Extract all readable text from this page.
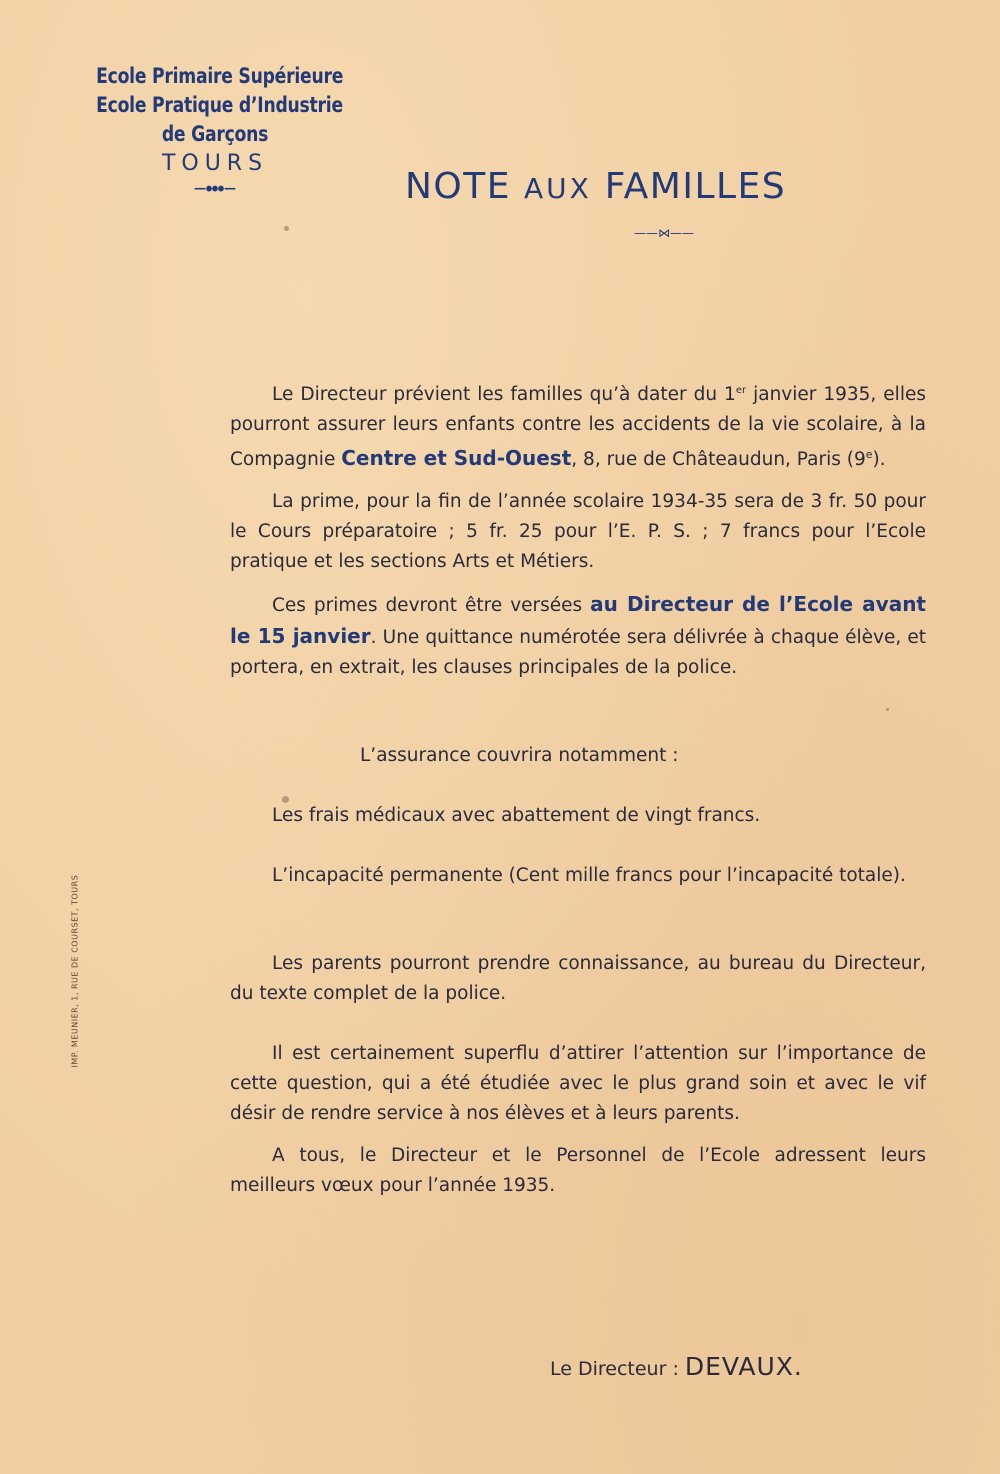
Ecole Primaire Supérieure
Ecole Pratique d’Industrie
de Garçons
TOURS
—⦁⦁⦁—	NOTE AUX FAMILLES
——⋈——

Le Directeur prévient les familles qu’à dater du 1er janvier 1935, elles pourront assurer leurs enfants contre les accidents de la vie scolaire, à la Compagnie Centre et Sud-Ouest, 8, rue de Châteaudun, Paris (9e).

La prime, pour la fin de l’année scolaire 1934-35 sera de 3 fr. 50 pour le Cours préparatoire ; 5 fr. 25 pour l’E. P. S. ; 7 francs pour l’Ecole pratique et les sections Arts et Métiers.

Ces primes devront être versées au Directeur de l’Ecole avant le 15 janvier. Une quittance numérotée sera délivrée à chaque élève, et portera, en extrait, les clauses principales de la police.

L’assurance couvrira notamment :

Les frais médicaux avec abattement de vingt francs.

L’incapacité permanente (Cent mille francs pour l’incapacité totale).

Les parents pourront prendre connaissance, au bureau du Directeur, du texte complet de la police.

Il est certainement superflu d’attirer l’attention sur l’importance de cette question, qui a été étudiée avec le plus grand soin et avec le vif désir de rendre service à nos élèves et à leurs parents.

A tous, le Directeur et le Personnel de l’Ecole adressent leurs meilleurs vœux pour l’année 1935.

Le Directeur : DEVAUX.
IMP. MEUNIER, 1, RUE DE COURSET, TOURS
